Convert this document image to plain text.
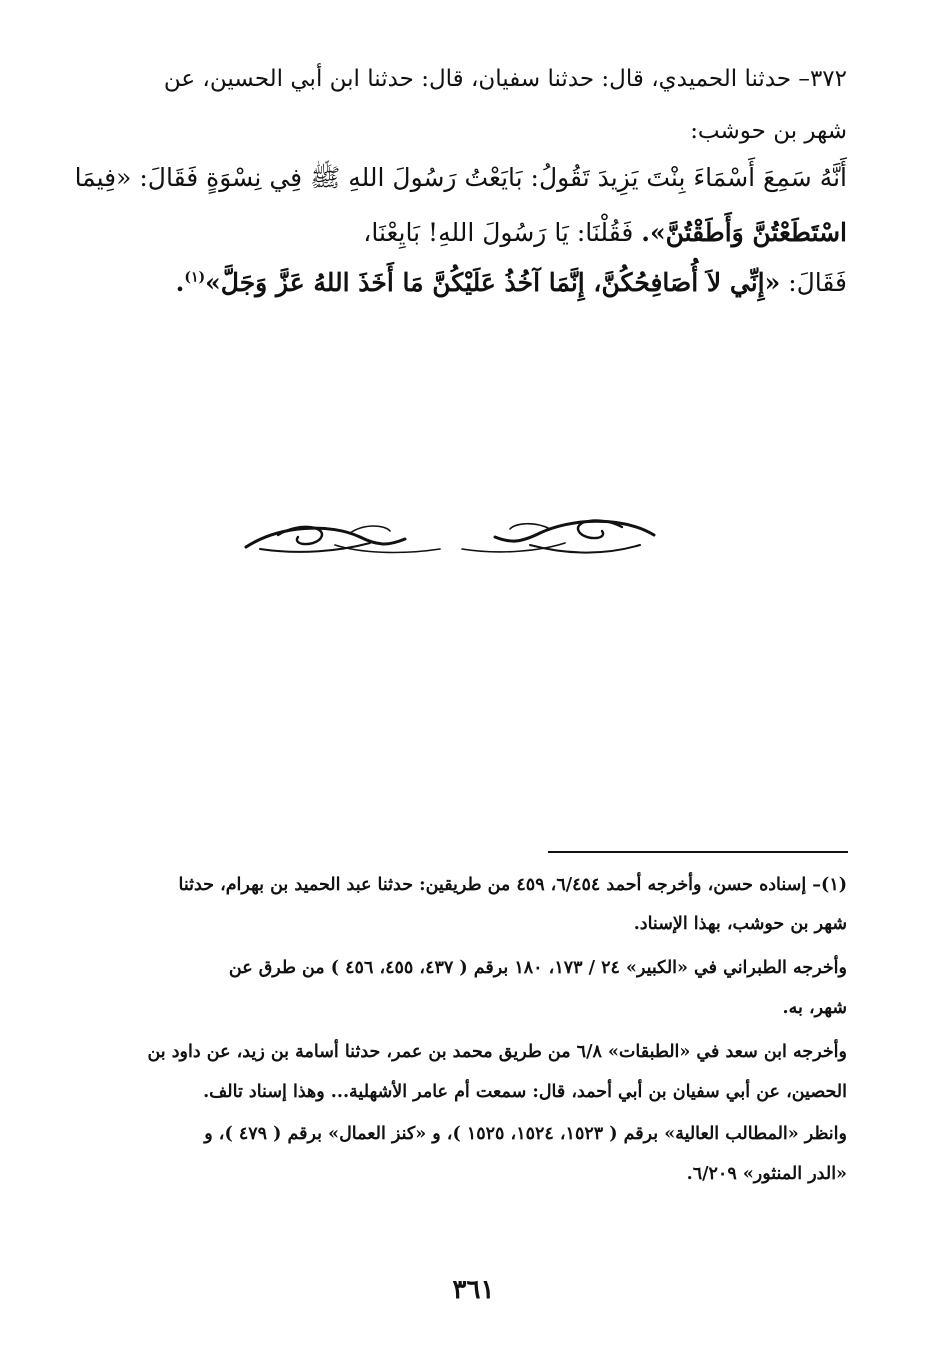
٣٧٢– حدثنا الحميدي، قال: حدثنا سفيان، قال: حدثنا ابن أبي الحسين، عن
شهر بن حوشب:
أَنَّهُ سَمِعَ أَسْمَاءَ بِنْتَ يَزِيدَ تَقُولُ: بَايَعْتُ رَسُولَ اللهِ ﷺ فِي نِسْوَةٍ فَقَالَ: «فِيمَا
اسْتَطَعْتُنَّ وَأَطَقْتُنَّ». فَقُلْنَا: يَا رَسُولَ اللهِ! بَايِعْنَا،
فَقَالَ: «إِنِّي لاَ أُصَافِحُكُنَّ، إِنَّمَا آخُذُ عَلَيْكُنَّ مَا أَخَذَ اللهُ عَزَّ وَجَلَّ»$^{(١)}$.
(١)– إسناده حسن، وأخرجه أحمد ٦/٤٥٤، ٤٥٩ من طريقين: حدثنا عبد الحميد بن بهرام، حدثنا
شهر بن حوشب، بهذا الإسناد.
وأخرجه الطبراني في «الكبير» ٢٤ / ١٧٣، ١٨٠ برقم ( ٤٣٧، ٤٥٥، ٤٥٦ ) من طرق عن
شهر، به.
وأخرجه ابن سعد في «الطبقات» ٦/٨ من طريق محمد بن عمر، حدثنا أسامة بن زيد، عن داود بن
الحصين، عن أبي سفيان بن أبي أحمد، قال: سمعت أم عامر الأشهلية... وهذا إسناد تالف.
وانظر «المطالب العالية» برقم ( ١٥٢٣، ١٥٢٤، ١٥٢٥ )، و «كنز العمال» برقم ( ٤٧٩ )، و
«الدر المنثور» ٦/٢٠٩.
٣٦١
